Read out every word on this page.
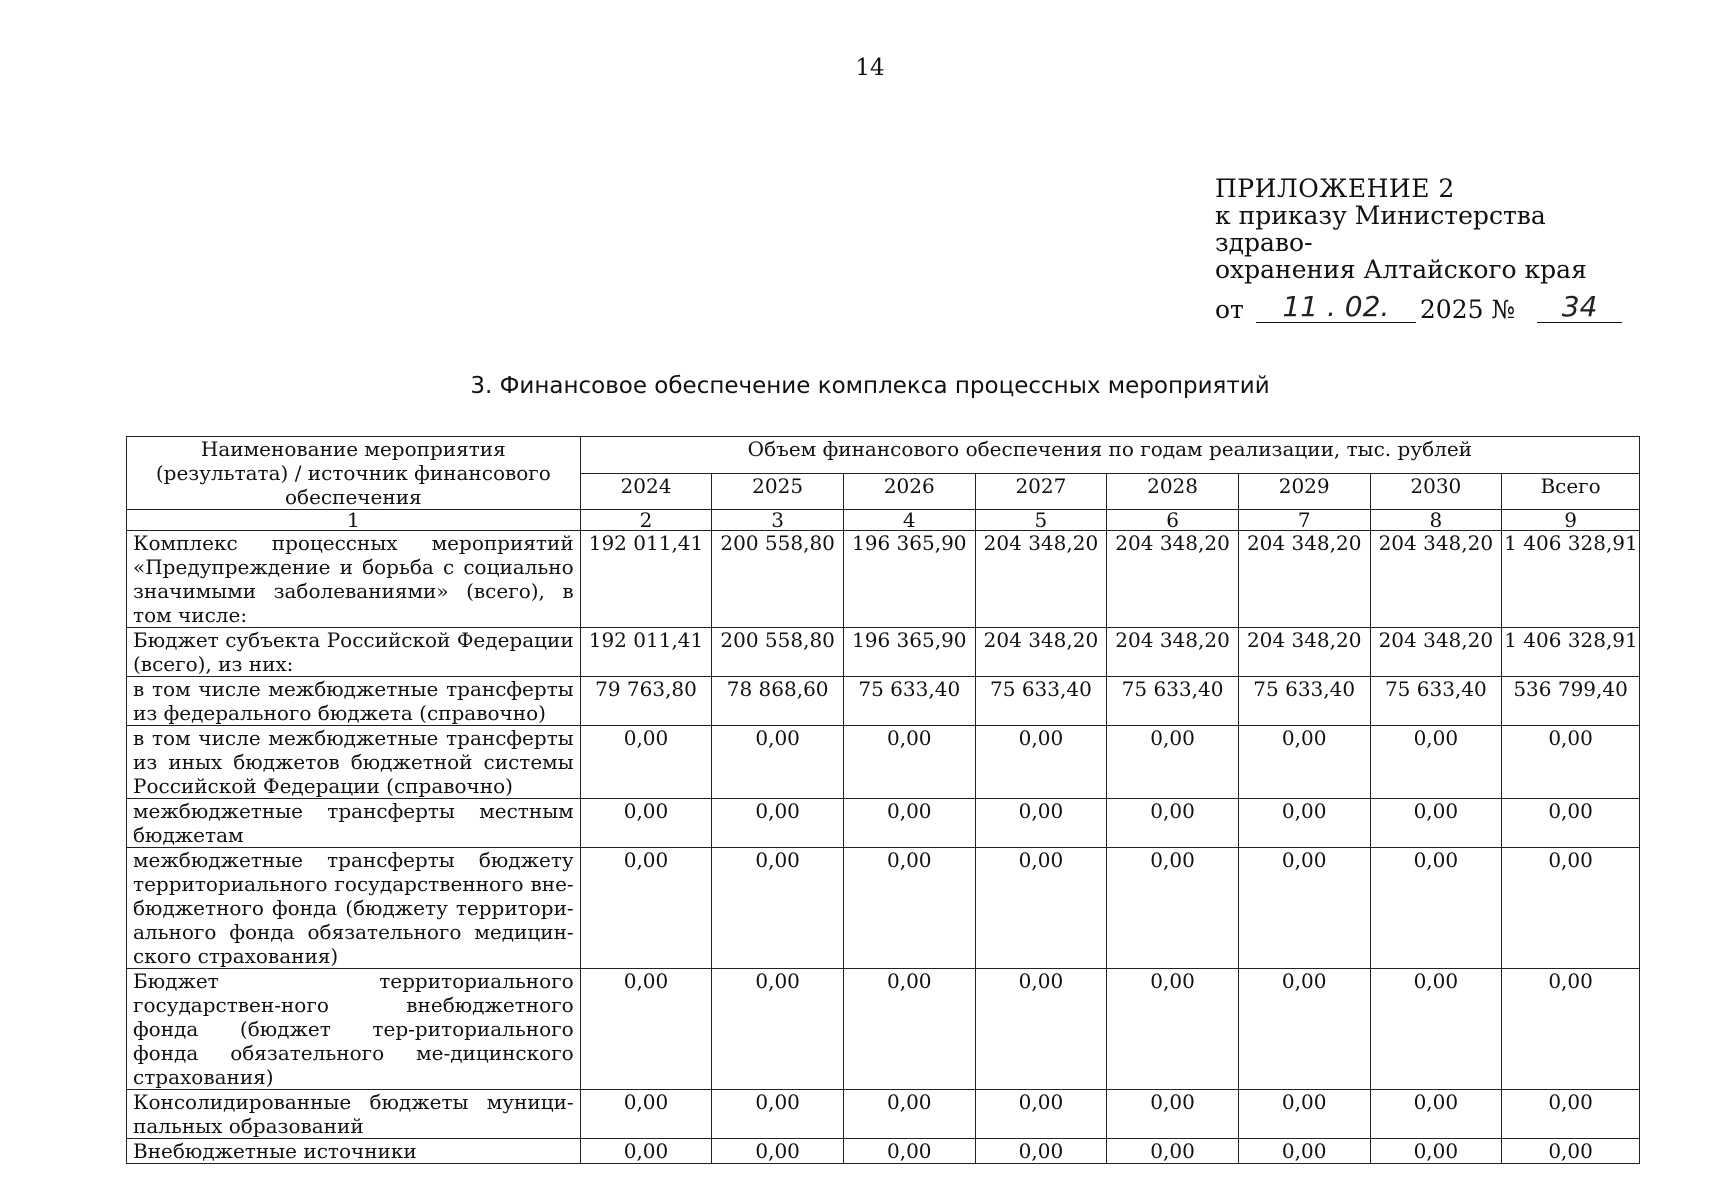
14
ПРИЛОЖЕНИЕ 2
к приказу Министерства здраво-
охранения Алтайского края
от	11 . 02.	2025 №	34
3. Финансовое обеспечение комплекса процессных мероприятий
Наименование мероприятия (результата) / источник финансового обеспечения	Объем финансового обеспечения по годам реализации, тыс. рублей							
	2024	2025	2026	2027	2028	2029	2030	Всего
1	2	3	4	5	6	7	8	9
Комплекс процессных мероприятий «Предупреждение и борьба с социально значимыми заболеваниями» (всего), в том числе:	192 011,41	200 558,80	196 365,90	204 348,20	204 348,20	204 348,20	204 348,20	1 406 328,91
Бюджет субъекта Российской Федерации (всего), из них:	192 011,41	200 558,80	196 365,90	204 348,20	204 348,20	204 348,20	204 348,20	1 406 328,91
в том числе межбюджетные трансферты из федерального бюджета (справочно)	79 763,80	78 868,60	75 633,40	75 633,40	75 633,40	75 633,40	75 633,40	536 799,40
в том числе межбюджетные трансферты из иных бюджетов бюджетной системы Российской Федерации (справочно)	0,00	0,00	0,00	0,00	0,00	0,00	0,00	0,00
межбюджетные трансферты местным бюджетам	0,00	0,00	0,00	0,00	0,00	0,00	0,00	0,00
межбюджетные трансферты бюджету территориального государственного вне-бюджетного фонда (бюджету территори-ального фонда обязательного медицин-ского страхования)	0,00	0,00	0,00	0,00	0,00	0,00	0,00	0,00
Бюджет территориального государствен-ного внебюджетного фонда (бюджет тер-риториального фонда обязательного ме-дицинского страхования)	0,00	0,00	0,00	0,00	0,00	0,00	0,00	0,00
Консолидированные бюджеты муници-пальных образований	0,00	0,00	0,00	0,00	0,00	0,00	0,00	0,00
Внебюджетные источники	0,00	0,00	0,00	0,00	0,00	0,00	0,00	0,00
